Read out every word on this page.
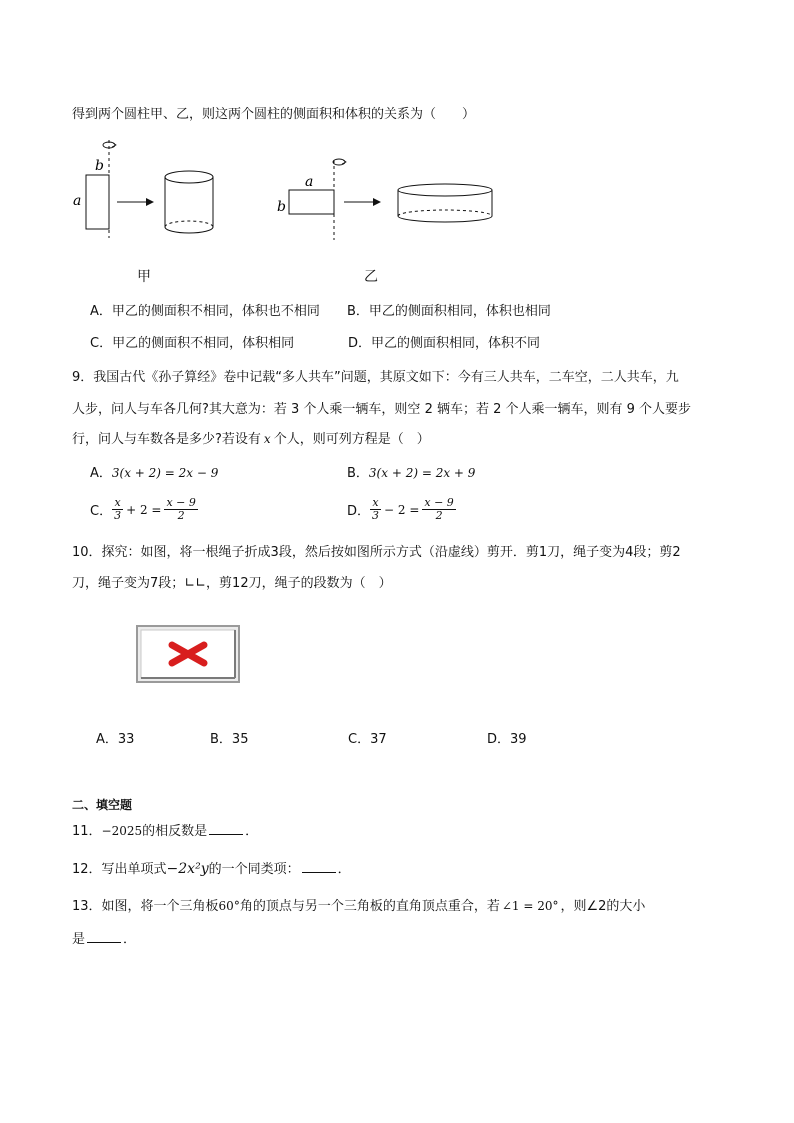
得到两个圆柱甲、乙，则这两个圆柱的侧面积和体积的关系为（　　）
b
a
a
b
甲	乙
A．甲乙的侧面积不相同，体积也不相同 B．甲乙的侧面积相同，体积也相同
C．甲乙的侧面积不相同，体积相同	D．甲乙的侧面积相同，体积不同
9．我国古代《孙子算经》卷中记载“多人共车”问题，其原文如下：今有三人共车，二车空，二人共车，九
人步，问人与车各几何?其大意为：若 3 个人乘一辆车，则空 2 辆车；若 2 个人乘一辆车，则有 9 个人要步
行，问人与车数各是多少?若设有 x 个人，则可列方程是（　）
A．3(x + 2) = 2x − 9	B．3(x + 2) = 2x + 9
C． $\frac{x}{3} + 2 = \frac{x - 9}{2}$	D． $\frac{x}{3} - 2 = \frac{x - 9}{2}$
10．探究：如图，将一根绳子折成3段，然后按如图所示方式（沿虚线）剪开．剪1刀，绳子变为4段；剪2
刀，绳子变为7段；∟∟，剪12刀，绳子的段数为（　）
A．33	B．35	C．37	D．39
二、填空题
11．−2025的相反数是	．
12．写出单项式−2x²y的一个同类项：	．
13．如图，将一个三角板60°角的顶点与另一个三角板的直角顶点重合，若 ∠1 = 20° ，则∠2的大小
是	．
